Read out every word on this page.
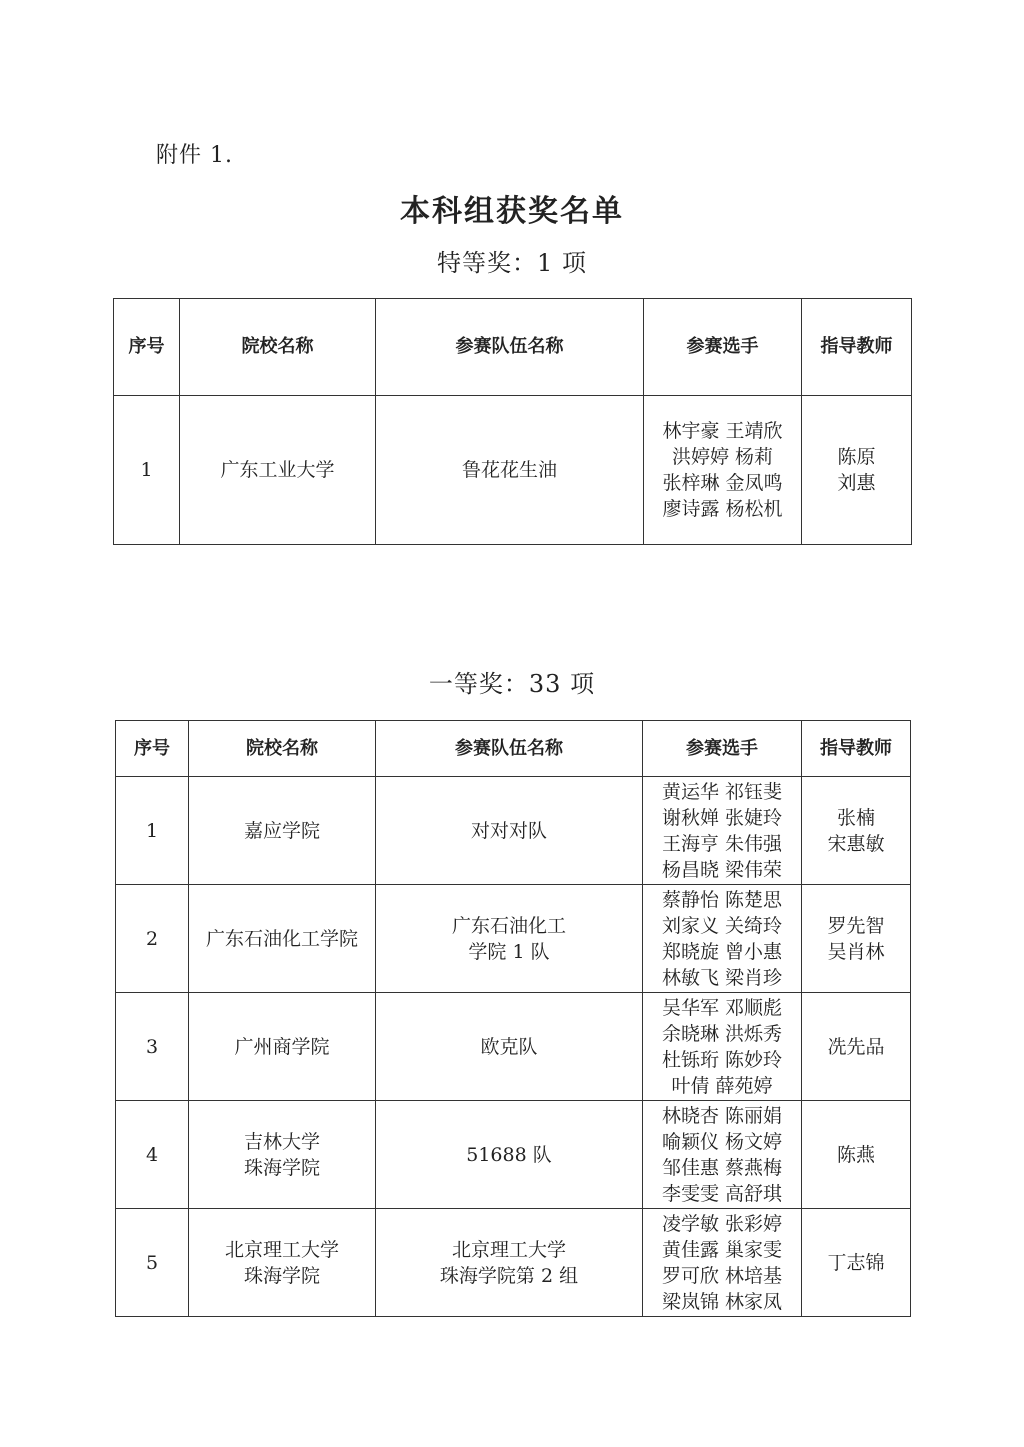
附件 1.
本科组获奖名单
特等奖：1 项
序号	院校名称	参赛队伍名称	参赛选手	指导教师

1	广东工业大学	鲁花花生油	林宇豪 王靖欣
洪婷婷 杨莉
张梓琳 金凤鸣
廖诗露 杨松机	陈原
刘惠
一等奖：33 项
序号	院校名称	参赛队伍名称	参赛选手	指导教师

1	嘉应学院	对对对队	黄运华 祁钰斐
谢秋婵 张婕玲
王海亨 朱伟强
杨昌晓 梁伟荣	张楠
宋惠敏

2	广东石油化工学院	广东石油化工
学院 1 队	蔡静怡 陈楚思
刘家义 关绮玲
郑晓旋 曾小惠
林敏飞 梁肖珍	罗先智
吴肖林

3	广州商学院	欧克队	吴华军 邓顺彪
余晓琳 洪烁秀
杜铄珩 陈妙玲
叶倩 薛苑婷	冼先品

4	吉林大学
珠海学院	51688 队	林晓杏 陈丽娟
喻颖仪 杨文婷
邹佳惠 蔡燕梅
李雯雯 高舒琪	陈燕

5	北京理工大学
珠海学院	北京理工大学
珠海学院第 2 组	凌学敏 张彩婷
黄佳露 巢家雯
罗可欣 林培基
梁岚锦 林家凤	丁志锦
